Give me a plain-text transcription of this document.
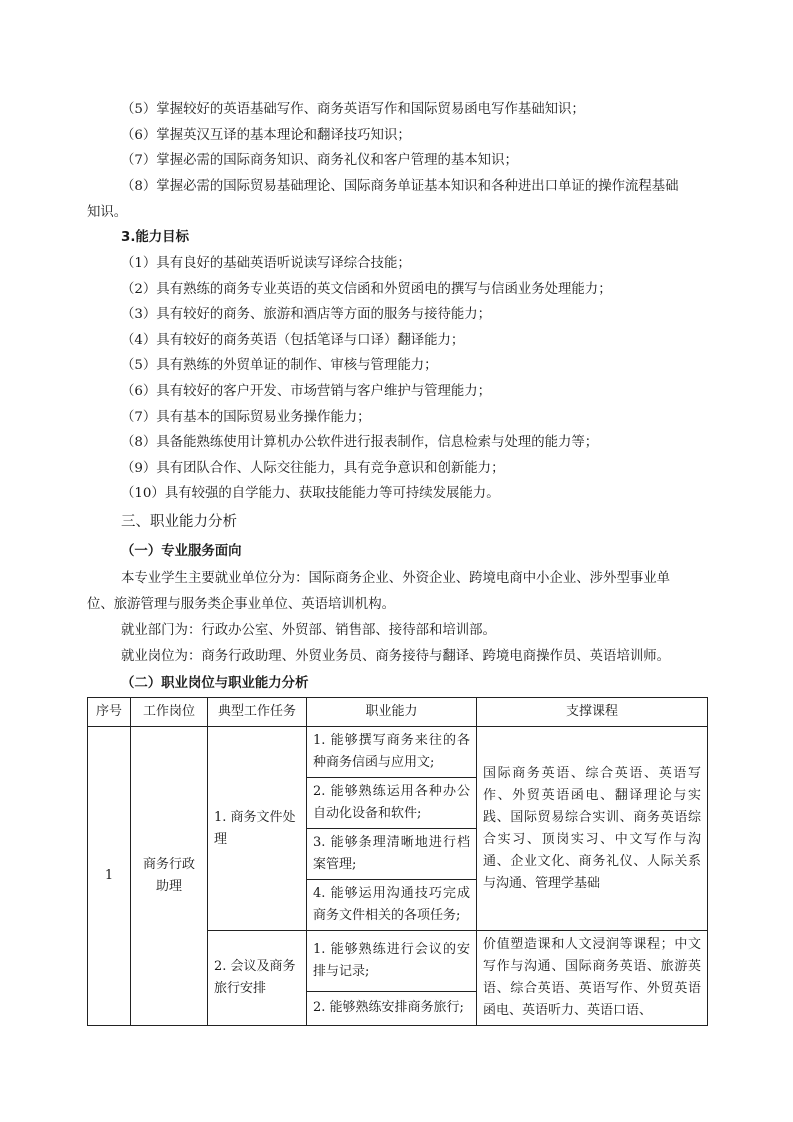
（5）掌握较好的英语基础写作、商务英语写作和国际贸易函电写作基础知识；
（6）掌握英汉互译的基本理论和翻译技巧知识；
（7）掌握必需的国际商务知识、商务礼仪和客户管理的基本知识；
（8）掌握必需的国际贸易基础理论、国际商务单证基本知识和各种进出口单证的操作流程基础
知识。
3.能力目标
（1）具有良好的基础英语听说读写译综合技能；
（2）具有熟练的商务专业英语的英文信函和外贸函电的撰写与信函业务处理能力；
（3）具有较好的商务、旅游和酒店等方面的服务与接待能力；
（4）具有较好的商务英语（包括笔译与口译）翻译能力；
（5）具有熟练的外贸单证的制作、审核与管理能力；
（6）具有较好的客户开发、市场营销与客户维护与管理能力；
（7）具有基本的国际贸易业务操作能力；
（8）具备能熟练使用计算机办公软件进行报表制作，信息检索与处理的能力等；
（9）具有团队合作、人际交往能力，具有竞争意识和创新能力；
（10）具有较强的自学能力、获取技能能力等可持续发展能力。
三、职业能力分析
（一）专业服务面向
本专业学生主要就业单位分为：国际商务企业、外资企业、跨境电商中小企业、涉外型事业单
位、旅游管理与服务类企事业单位、英语培训机构。
就业部门为：行政办公室、外贸部、销售部、接待部和培训部。
就业岗位为：商务行政助理、外贸业务员、商务接待与翻译、跨境电商操作员、英语培训师。
（二）职业岗位与职业能力分析
序号	工作岗位	典型工作任务	职业能力	支撑课程
1	商务行政助理	1. 商务文件处理	1. 能够撰写商务来往的各种商务信函与应用文;	国际商务英语、综合英语、英语写作、外贸英语函电、翻译理论与实践、国际贸易综合实训、商务英语综合实习、顶岗实习、中文写作与沟通、企业文化、商务礼仪、人际关系与沟通、管理学基础
			2. 能够熟练运用各种办公自动化设备和软件;	
			3. 能够条理清晰地进行档案管理;	
			4. 能够运用沟通技巧完成商务文件相关的各项任务;	
		2. 会议及商务旅行安排	1. 能够熟练进行会议的安排与记录;	价值塑造课和人文浸润等课程；中文写作与沟通、国际商务英语、旅游英语、综合英语、英语写作、外贸英语函电、英语听力、英语口语、
			2. 能够熟练安排商务旅行;	
